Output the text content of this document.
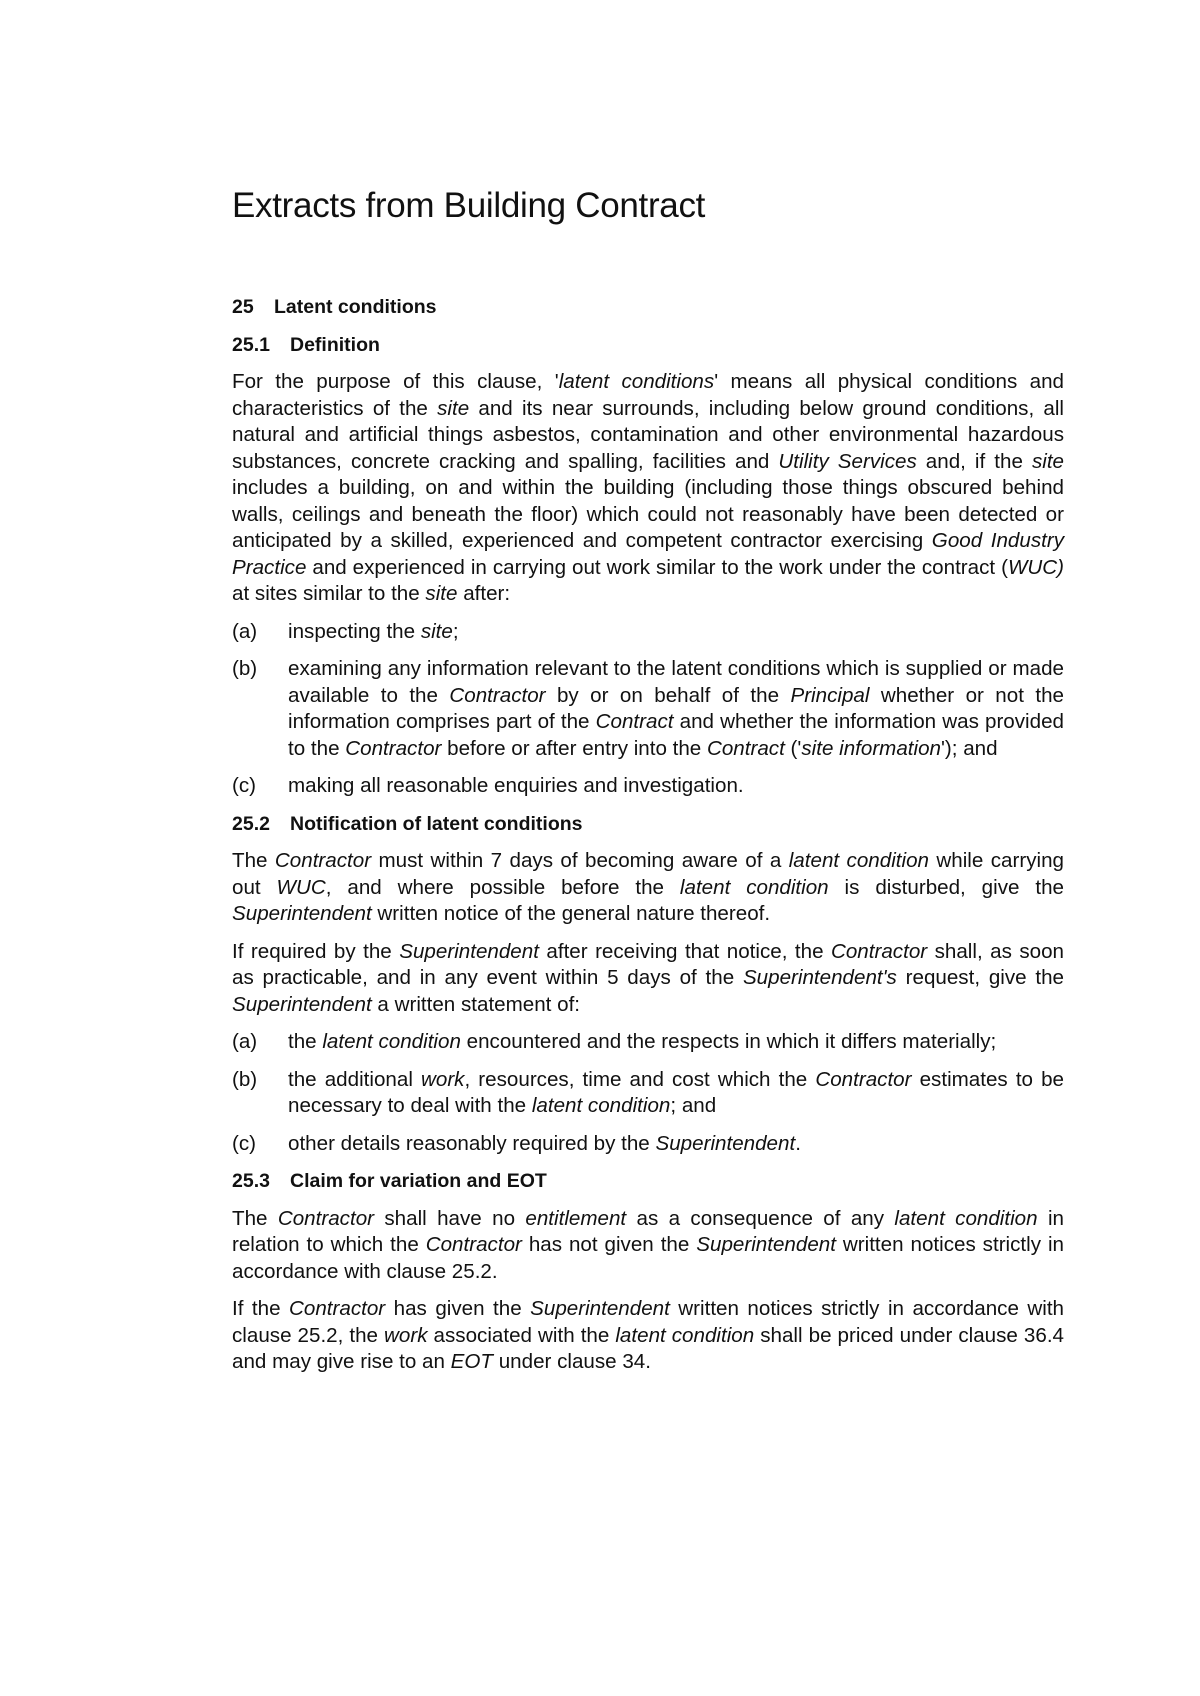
Extracts from Building Contract
25 Latent conditions
25.1 Definition

For the purpose of this clause, 'latent conditions' means all physical conditions and characteristics of the site and its near surrounds, including below ground conditions, all natural and artificial things asbestos, contamination and other environmental hazardous substances, concrete cracking and spalling, facilities and Utility Services and, if the site includes a building, on and within the building (including those things obscured behind walls, ceilings and beneath the floor) which could not reasonably have been detected or anticipated by a skilled, experienced and competent contractor exercising Good Industry Practice and experienced in carrying out work similar to the work under the contract (WUC) at sites similar to the site after:

(a)	inspecting the site;
(b)	examining any information relevant to the latent conditions which is supplied or made available to the Contractor by or on behalf of the Principal whether or not the information comprises part of the Contract and whether the information was provided to the Contractor before or after entry into the Contract ('site information'); and
(c)	making all reasonable enquiries and investigation.
25.2 Notification of latent conditions

The Contractor must within 7 days of becoming aware of a latent condition while carrying out WUC, and where possible before the latent condition is disturbed, give the Superintendent written notice of the general nature thereof.

If required by the Superintendent after receiving that notice, the Contractor shall, as soon as practicable, and in any event within 5 days of the Superintendent's request, give the Superintendent a written statement of:

(a)	the latent condition encountered and the respects in which it differs materially;
(b)	the additional work, resources, time and cost which the Contractor estimates to be necessary to deal with the latent condition; and
(c)	other details reasonably required by the Superintendent.
25.3 Claim for variation and EOT

The Contractor shall have no entitlement as a consequence of any latent condition in relation to which the Contractor has not given the Superintendent written notices strictly in accordance with clause 25.2.

If the Contractor has given the Superintendent written notices strictly in accordance with clause 25.2, the work associated with the latent condition shall be priced under clause 36.4 and may give rise to an EOT under clause 34.
